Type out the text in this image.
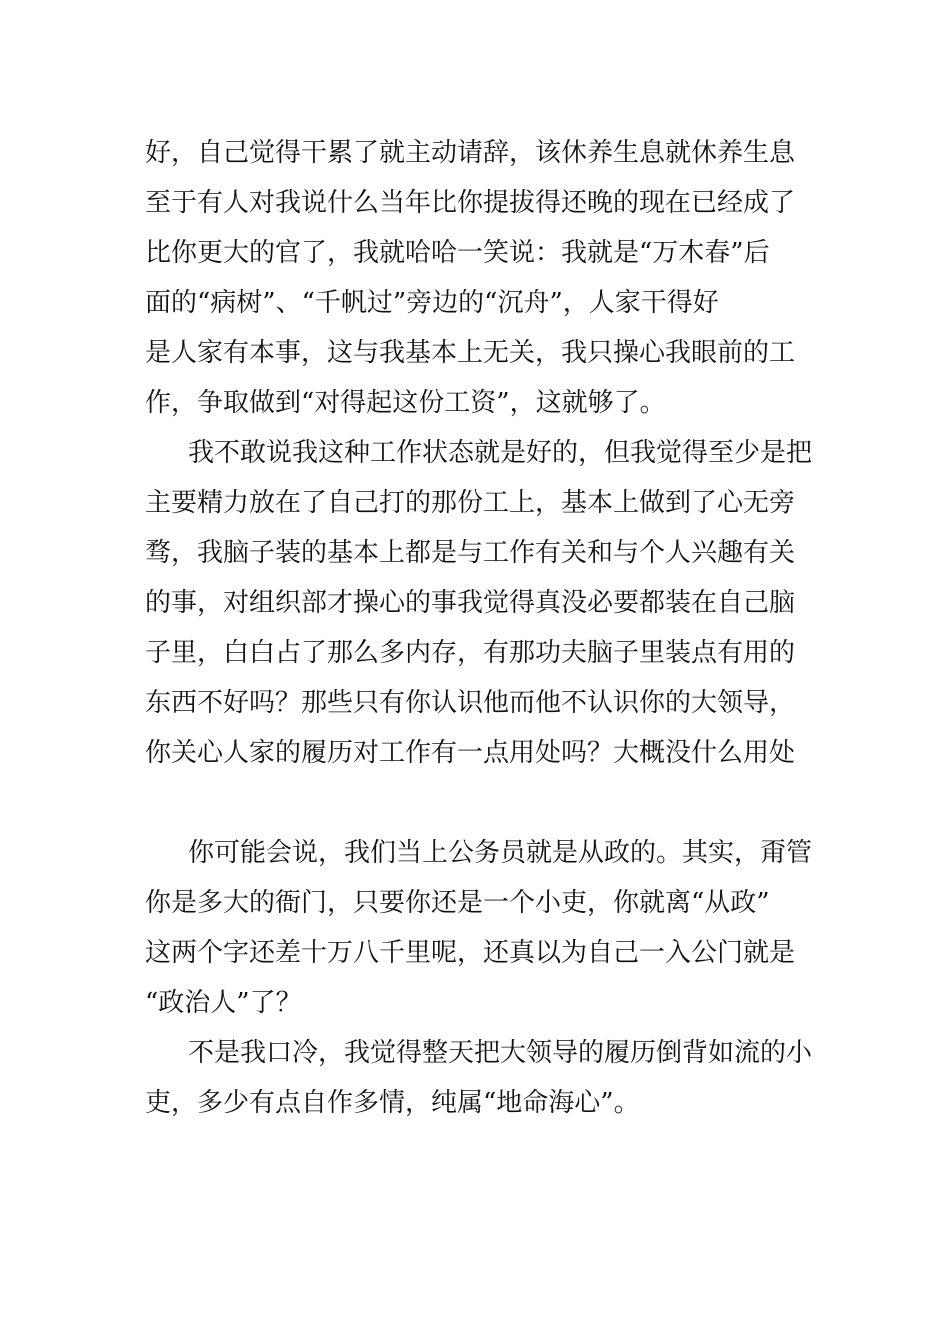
好，自己觉得干累了就主动请辞，该休养生息就休养生息

至于有人对我说什么当年比你提拔得还晚的现在已经成了

比你更大的官了，我就哈哈一笑说：我就是“万木春”后

面的“病树”、“千帆过”旁边的“沉舟”，人家干得好

是人家有本事，这与我基本上无关，我只操心我眼前的工

作，争取做到“对得起这份工资”，这就够了。

我不敢说我这种工作状态就是好的，但我觉得至少是把

主要精力放在了自己打的那份工上，基本上做到了心无旁

骛，我脑子装的基本上都是与工作有关和与个人兴趣有关

的事，对组织部才操心的事我觉得真没必要都装在自己脑

子里，白白占了那么多内存，有那功夫脑子里装点有用的

东西不好吗？那些只有你认识他而他不认识你的大领导，

你关心人家的履历对工作有一点用处吗？大概没什么用处

你可能会说，我们当上公务员就是从政的。其实，甭管

你是多大的衙门，只要你还是一个小吏，你就离“从政”

这两个字还差十万八千里呢，还真以为自己一入公门就是

“政治人”了？

不是我口冷，我觉得整天把大领导的履历倒背如流的小

吏，多少有点自作多情，纯属“地命海心”。
